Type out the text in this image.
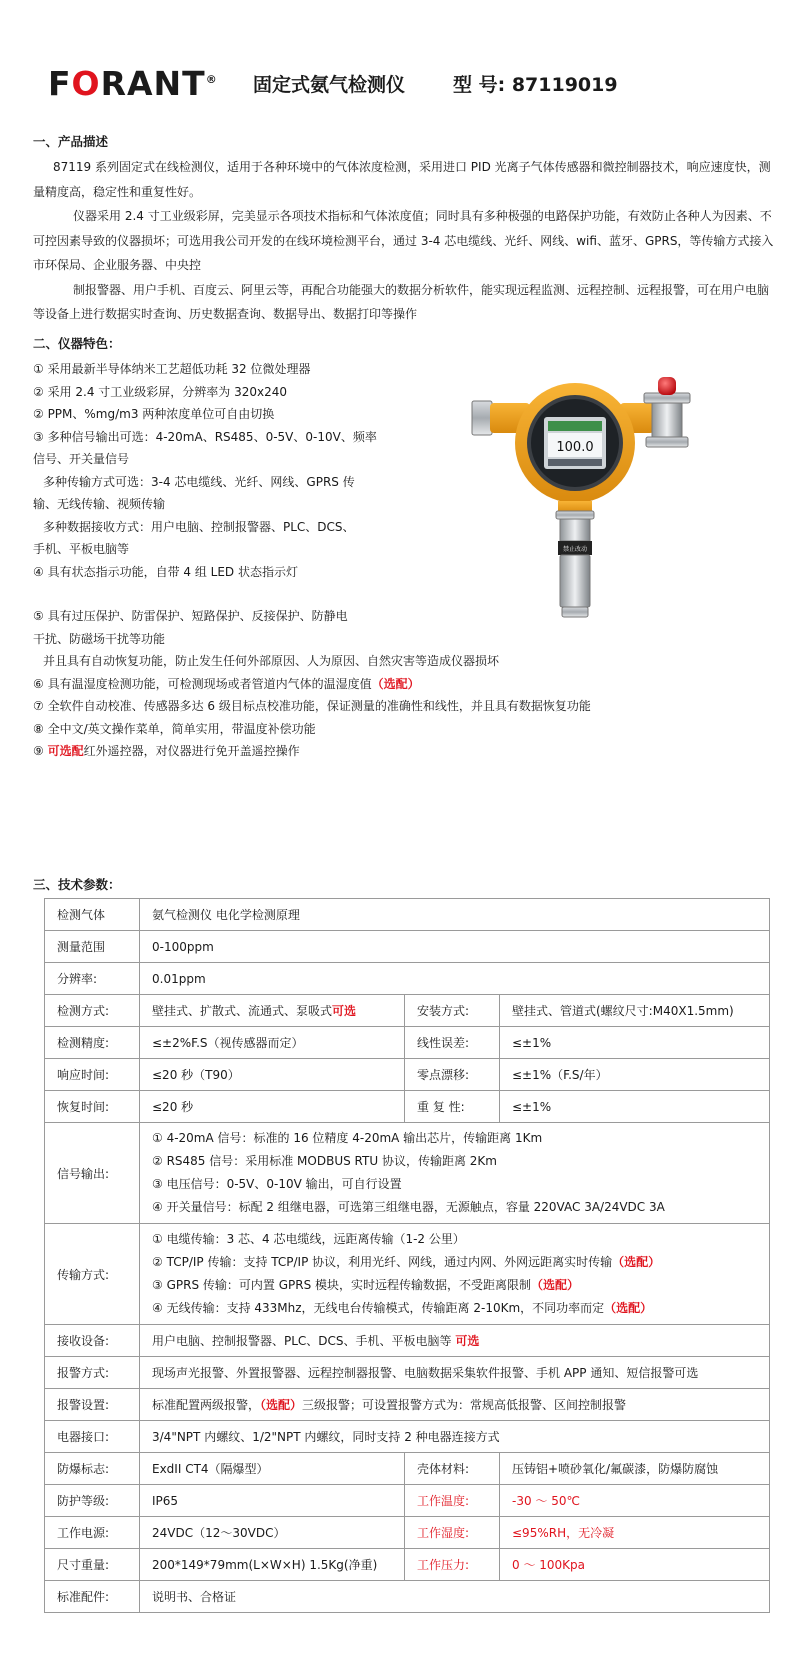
FORANT® 固定式氨气检测仪	型 号: 87119019
一、产品描述

87119 系列固定式在线检测仪，适用于各种环境中的气体浓度检测，采用进口 PID 光离子气体传感器和微控制器技术，响应速度快，测量精度高，稳定性和重复性好。

仪器采用 2.4 寸工业级彩屏，完美显示各项技术指标和气体浓度值；同时具有多种极强的电路保护功能，有效防止各种人为因素、不可控因素导致的仪器损坏；可选用我公司开发的在线环境检测平台，通过 3-4 芯电缆线、光纤、网线、wifi、蓝牙、GPRS，等传输方式接入市环保局、企业服务器、中央控

制报警器、用户手机、百度云、阿里云等，再配合功能强大的数据分析软件，能实现远程监测、远程控制、远程报警，可在用户电脑等设备上进行数据实时查询、历史数据查询、数据导出、数据打印等操作

二、仪器特色：
① 采用最新半导体纳米工艺超低功耗 32 位微处理器
② 采用 2.4 寸工业级彩屏，分辨率为 320x240
② PPM、%mg/m3 两种浓度单位可自由切换
③ 多种信号输出可选：4-20mA、RS485、0-5V、0-10V、频率
信号、开关量信号
多种传输方式可选：3-4 芯电缆线、光纤、网线、GPRS 传
输、无线传输、视频传输
多种数据接收方式：用户电脑、控制报警器、PLC、DCS、
手机、平板电脑等
④ 具有状态指示功能，自带 4 组 LED 状态指示灯
⑤ 具有过压保护、防雷保护、短路保护、反接保护、防静电
干扰、防磁场干扰等功能
并且具有自动恢复功能，防止发生任何外部原因、人为原因、自然灾害等造成仪器损坏
⑥ 具有温湿度检测功能，可检测现场或者管道内气体的温湿度值（选配）
⑦ 全软件自动校准、传感器多达 6 级目标点校准功能，保证测量的准确性和线性，并且具有数据恢复功能
⑧ 全中文/英文操作菜单，简单实用，带温度补偿功能
⑨ 可选配红外遥控器，对仪器进行免开盖遥控操作
100.0
禁止改动
三、技术参数：
检测气体	氨气检测仪 电化学检测原理		
测量范围	0-100ppm		
分辨率:	0.01ppm		
检测方式:	壁挂式、扩散式、流通式、泵吸式可选	安装方式:	壁挂式、管道式(螺纹尺寸:M40X1.5mm)
检测精度:	≤±2%F.S（视传感器而定）	线性误差:	≤±1%
响应时间:	≤20 秒（T90）	零点漂移:	≤±1%（F.S/年）
恢复时间:	≤20 秒	重 复 性:	≤±1%
信号输出:	① 4-20mA 信号：标准的 16 位精度 4-20mA 输出芯片，传输距离 1Km
② RS485 信号：采用标准 MODBUS RTU 协议，传输距离 2Km
③ 电压信号：0-5V、0-10V 输出，可自行设置
④ 开关量信号：标配 2 组继电器，可选第三组继电器，无源触点，容量 220VAC 3A/24VDC 3A		

传输方式:	① 电缆传输：3 芯、4 芯电缆线，远距离传输（1-2 公里）
② TCP/IP 传输：支持 TCP/IP 协议，利用光纤、网线，通过内网、外网远距离实时传输（选配）
③ GPRS 传输：可内置 GPRS 模块，实时远程传输数据，不受距离限制（选配）
④ 无线传输：支持 433Mhz，无线电台传输模式，传输距离 2-10Km，不同功率而定（选配）		

接收设备:	用户电脑、控制报警器、PLC、DCS、手机、平板电脑等 可选		
报警方式:	现场声光报警、外置报警器、远程控制器报警、电脑数据采集软件报警、手机 APP 通知、短信报警可选		
报警设置:	标准配置两级报警，（选配）三级报警；可设置报警方式为：常规高低报警、区间控制报警		
电器接口:	3/4"NPT 内螺纹、1/2"NPT 内螺纹，同时支持 2 种电器连接方式		
防爆标志:	ExdII CT4（隔爆型）	壳体材料:	压铸铝+喷砂氧化/氟碳漆，防爆防腐蚀
防护等级:	IP65	工作温度:	-30 ～ 50℃
工作电源:	24VDC（12～30VDC）	工作湿度:	≤95%RH，无冷凝
尺寸重量:	200*149*79mm(L×W×H) 1.5Kg(净重)	工作压力:	0 ～ 100Kpa
标准配件:	说明书、合格证		
